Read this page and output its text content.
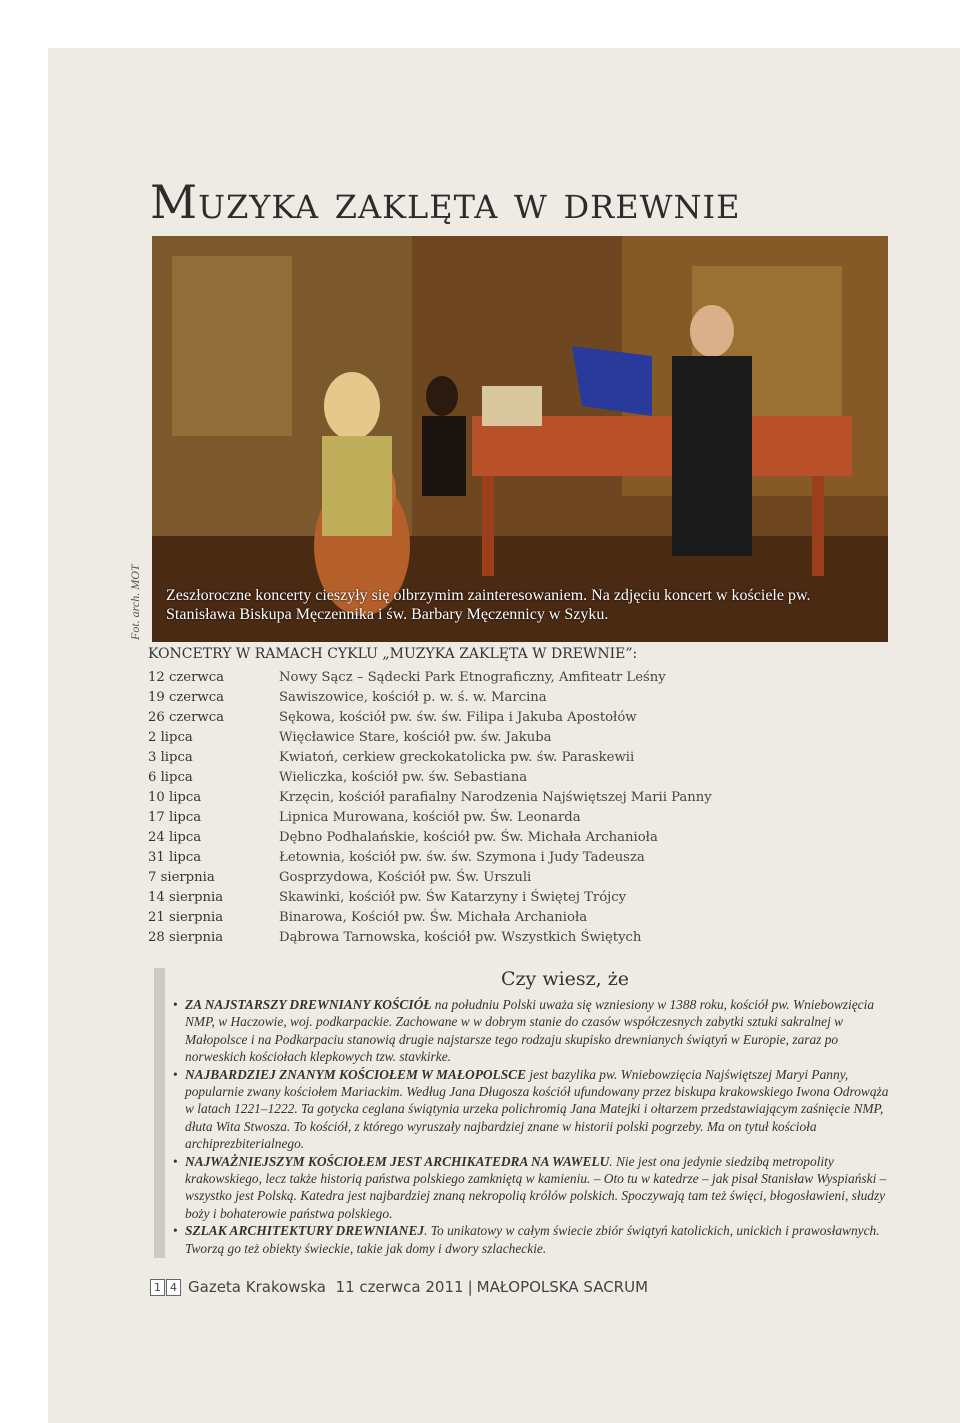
Muzyka zaklęta w drewnie
Fot. arch. MOT Zeszłoroczne koncerty cieszyły się olbrzymim zainteresowaniem. Na zdjęciu koncert w kościele pw. Stanisława Biskupa Męczennika i św. Barbary Męczennicy w Szyku.
KONCETRY W RAMACH CYKLU „MUZYKA ZAKLĘTA W DREWNIE”:
12 czerwca	Nowy Sącz – Sądecki Park Etnograficzny, Amfiteatr Leśny
19 czerwca	Sawiszowice, kościół p. w. ś. w. Marcina
26 czerwca	Sękowa, kościół pw. św. św. Filipa i Jakuba Apostołów
2 lipca	Więcławice Stare, kościół pw. św. Jakuba
3 lipca	Kwiatoń, cerkiew greckokatolicka pw. św. Paraskewii
6 lipca	Wieliczka, kościół pw. św. Sebastiana
10 lipca	Krzęcin, kościół parafialny Narodzenia Najświętszej Marii Panny
17 lipca	Lipnica Murowana, kościół pw. Św. Leonarda
24 lipca	Dębno Podhalańskie, kościół pw. Św. Michała Archanioła
31 lipca	Łetownia, kościół pw. św. św. Szymona i Judy Tadeusza
7 sierpnia	Gosprzydowa, Kościół pw. Św. Urszuli
14 sierpnia	Skawinki, kościół pw. Św Katarzyny i Świętej Trójcy
21 sierpnia	Binarowa, Kościół pw. Św. Michała Archanioła
28 sierpnia	Dąbrowa Tarnowska, kościół pw. Wszystkich Świętych
Czy wiesz, że
• ZA NAJSTARSZY DREWNIANY KOŚCIÓŁ na południu Polski uważa się wzniesiony w 1388 roku, kościół pw. Wniebowzięcia NMP, w Haczowie, woj. podkarpackie. Zachowane w w dobrym stanie do czasów współczesnych zabytki sztuki sakralnej w Małopolsce i na Podkarpaciu stanowią drugie najstarsze tego rodzaju skupisko drewnianych świątyń w Europie, zaraz po norweskich kościołach klepkowych tzw. stavkirke.
• NAJBARDZIEJ ZNANYM KOŚCIOŁEM W MAŁOPOLSCE jest bazylika pw. Wniebowzięcia Najświętszej Maryi Panny, popularnie zwany kościołem Mariackim. Według Jana Długosza kościół ufundowany przez biskupa krakowskiego Iwona Odrowąża w latach 1221–1222. Ta gotycka ceglana świątynia urzeka polichromią Jana Matejki i ołtarzem przedstawiającym zaśnięcie NMP, dłuta Wita Stwosza. To kościół, z którego wyruszały najbardziej znane w historii polski pogrzeby. Ma on tytuł kościoła archiprezbiterialnego.
• NAJWAŻNIEJSZYM KOŚCIOŁEM JEST ARCHIKATEDRA NA WAWELU. Nie jest ona jedynie siedzibą metropolity krakowskiego, lecz także historią państwa polskiego zamkniętą w kamieniu. – Oto tu w katedrze – jak pisał Stanisław Wyspiański – wszystko jest Polską. Katedra jest najbardziej znaną nekropolią królów polskich. Spoczywają tam też święci, błogosławieni, słudzy boży i bohaterowie państwa polskiego.
• SZLAK ARCHITEKTURY DREWNIANEJ. To unikatowy w całym świecie zbiór świątyń katolickich, unickich i prawosławnych. Tworzą go też obiekty świeckie, takie jak domy i dwory szlacheckie.
1 4 Gazeta Krakowska
11 czerwca 2011 | MAŁOPOLSKA SACRUM
